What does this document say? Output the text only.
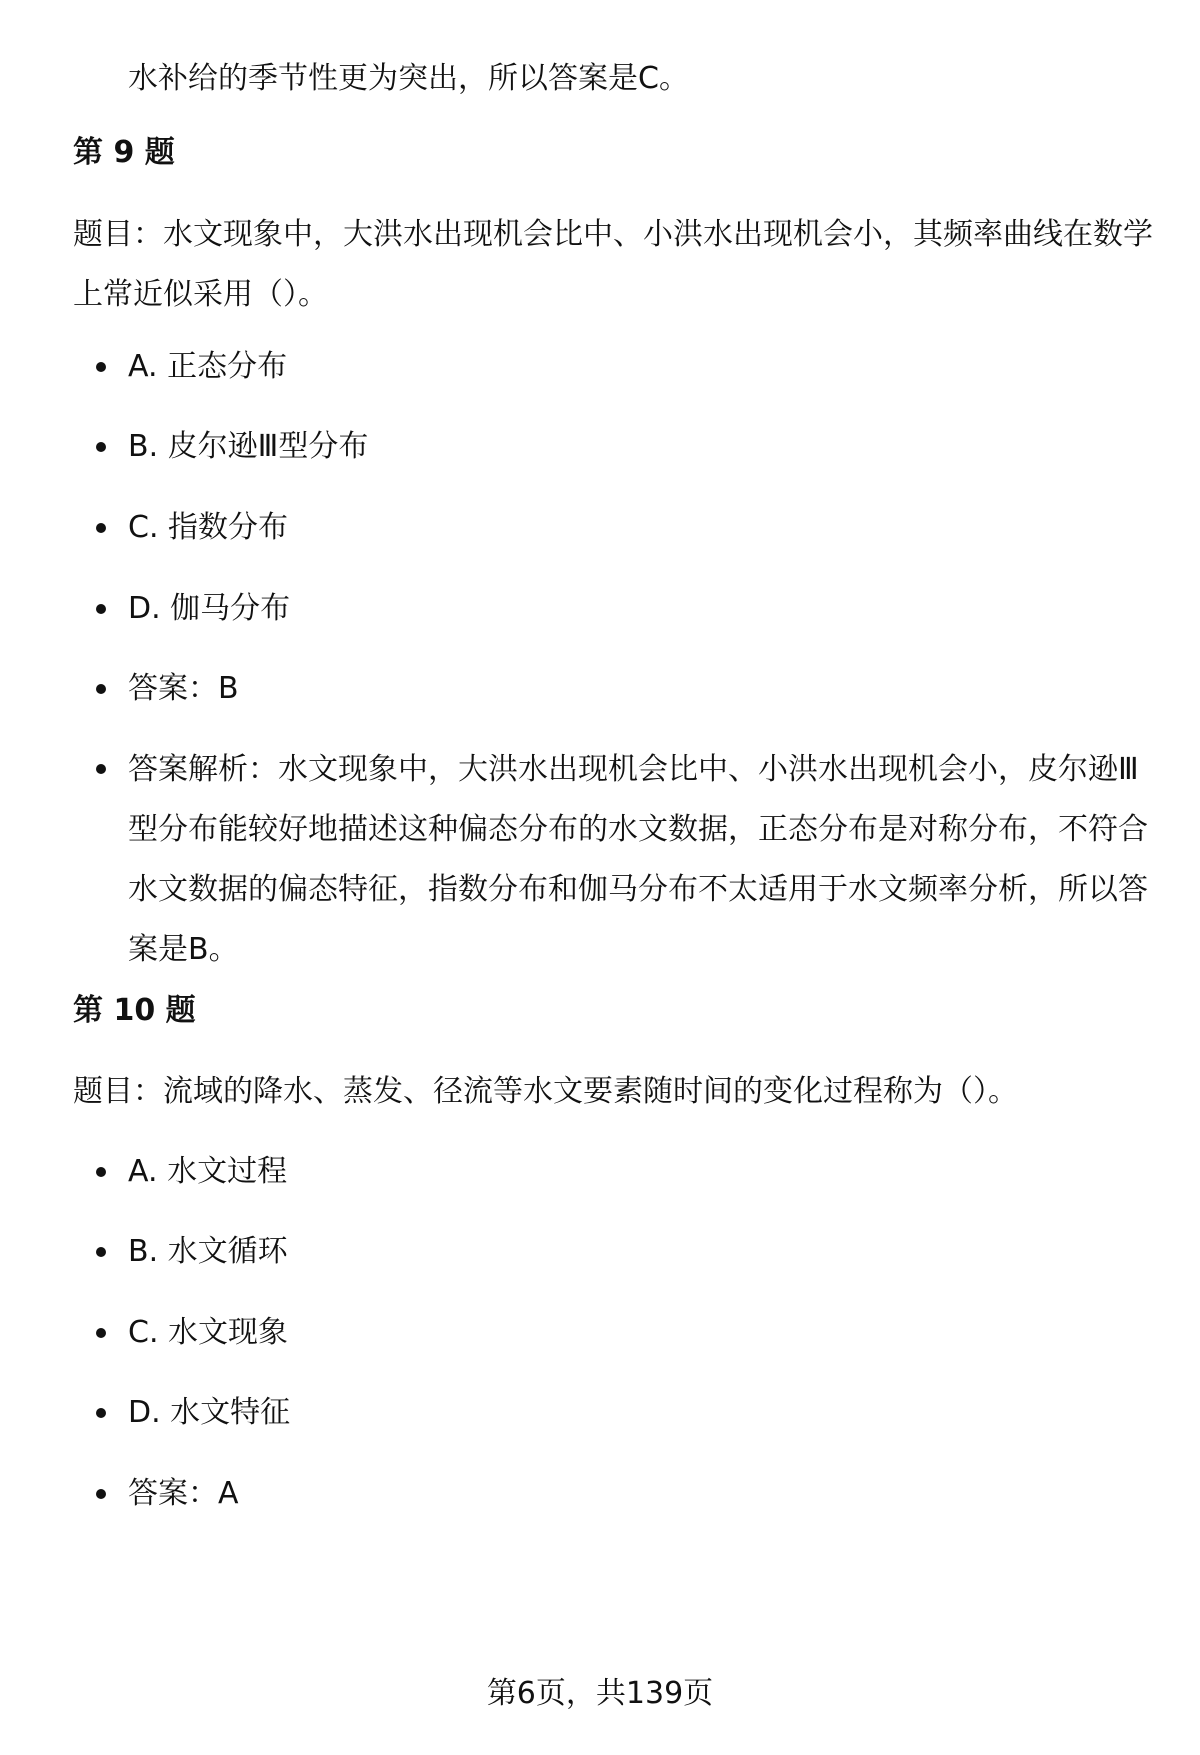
水补给的季节性更为突出，所以答案是C。
第 9 题
题目：水文现象中，大洪水出现机会比中、小洪水出现机会小，其频率曲线在数学上常近似采用（）。
A. 正态分布
B. 皮尔逊Ⅲ型分布
C. 指数分布
D. 伽马分布
答案：B
答案解析：水文现象中，大洪水出现机会比中、小洪水出现机会小，皮尔逊Ⅲ型分布能较好地描述这种偏态分布的水文数据，正态分布是对称分布，不符合水文数据的偏态特征，指数分布和伽马分布不太适用于水文频率分析，所以答案是B。
第 10 题
题目：流域的降水、蒸发、径流等水文要素随时间的变化过程称为（）。
A. 水文过程
B. 水文循环
C. 水文现象
D. 水文特征
答案：A
第6页，共139页
